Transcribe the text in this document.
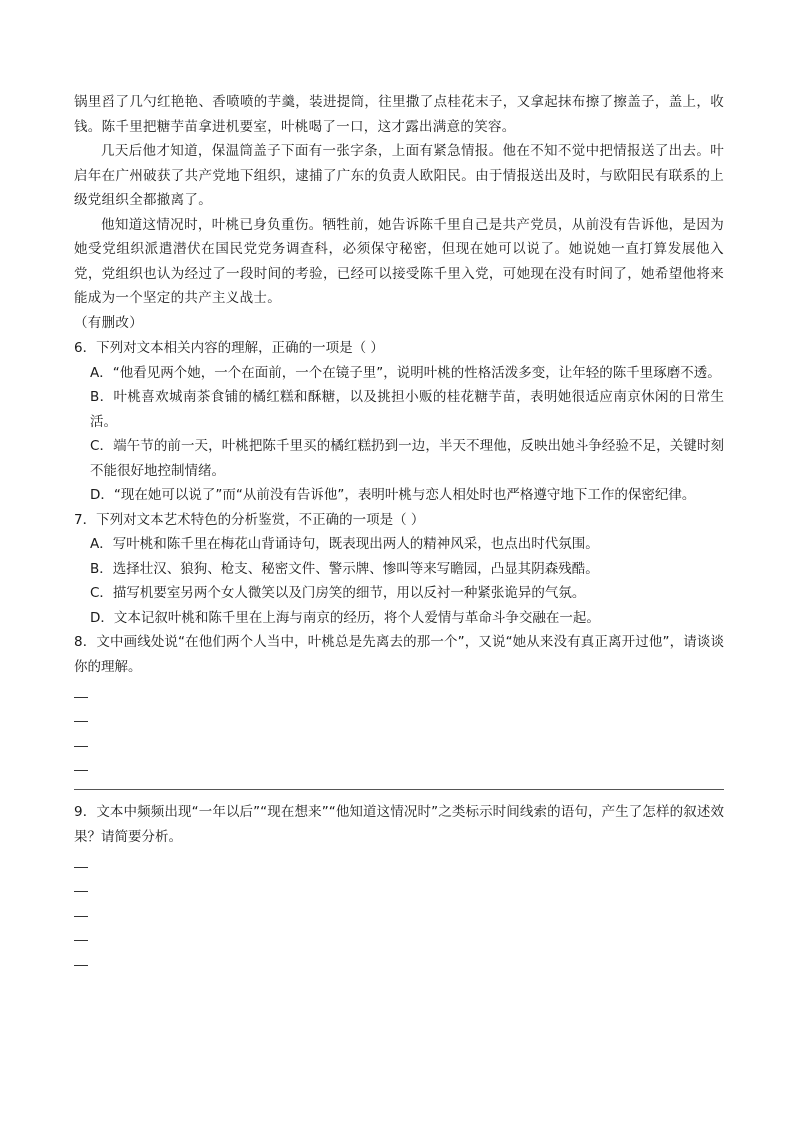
锅里舀了几勺红艳艳、香喷喷的芋羹，装进提筒，往里撒了点桂花末子，又拿起抹布擦了擦盖子，盖上，收钱。陈千里把糖芋苗拿进机要室，叶桃喝了一口，这才露出满意的笑容。

几天后他才知道，保温筒盖子下面有一张字条，上面有紧急情报。他在不知不觉中把情报送了出去。叶启年在广州破获了共产党地下组织，逮捕了广东的负责人欧阳民。由于情报送出及时，与欧阳民有联系的上级党组织全都撤离了。

他知道这情况时，叶桃已身负重伤。牺牲前，她告诉陈千里自己是共产党员，从前没有告诉他，是因为她受党组织派遣潜伏在国民党党务调查科，必须保守秘密，但现在她可以说了。她说她一直打算发展他入党，党组织也认为经过了一段时间的考验，已经可以接受陈千里入党，可她现在没有时间了，她希望他将来能成为一个坚定的共产主义战士。

（有删改）

6．下列对文本相关内容的理解，正确的一项是（ ）

A．“他看见两个她，一个在面前，一个在镜子里”，说明叶桃的性格活泼多变，让年轻的陈千里琢磨不透。

B．叶桃喜欢城南茶食铺的橘红糕和酥糖，以及挑担小贩的桂花糖芋苗，表明她很适应南京休闲的日常生活。

C．端午节的前一天，叶桃把陈千里买的橘红糕扔到一边，半天不理他，反映出她斗争经验不足，关键时刻不能很好地控制情绪。

D．“现在她可以说了”而“从前没有告诉他”，表明叶桃与恋人相处时也严格遵守地下工作的保密纪律。

7．下列对文本艺术特色的分析鉴赏，不正确的一项是（ ）

A．写叶桃和陈千里在梅花山背诵诗句，既表现出两人的精神风采，也点出时代氛围。

B．选择壮汉、狼狗、枪支、秘密文件、警示牌、惨叫等来写瞻园，凸显其阴森残酷。

C．描写机要室另两个女人微笑以及门房笑的细节，用以反衬一种紧张诡异的气氛。

D．文本记叙叶桃和陈千里在上海与南京的经历，将个人爱情与革命斗争交融在一起。

8．文中画线处说“在他们两个人当中，叶桃总是先离去的那一个”，又说“她从来没有真正离开过他”，请谈谈你的理解。

9．文本中频频出现“一年以后”“现在想来”“他知道这情况时”之类标示时间线索的语句，产生了怎样的叙述效果？请简要分析。
